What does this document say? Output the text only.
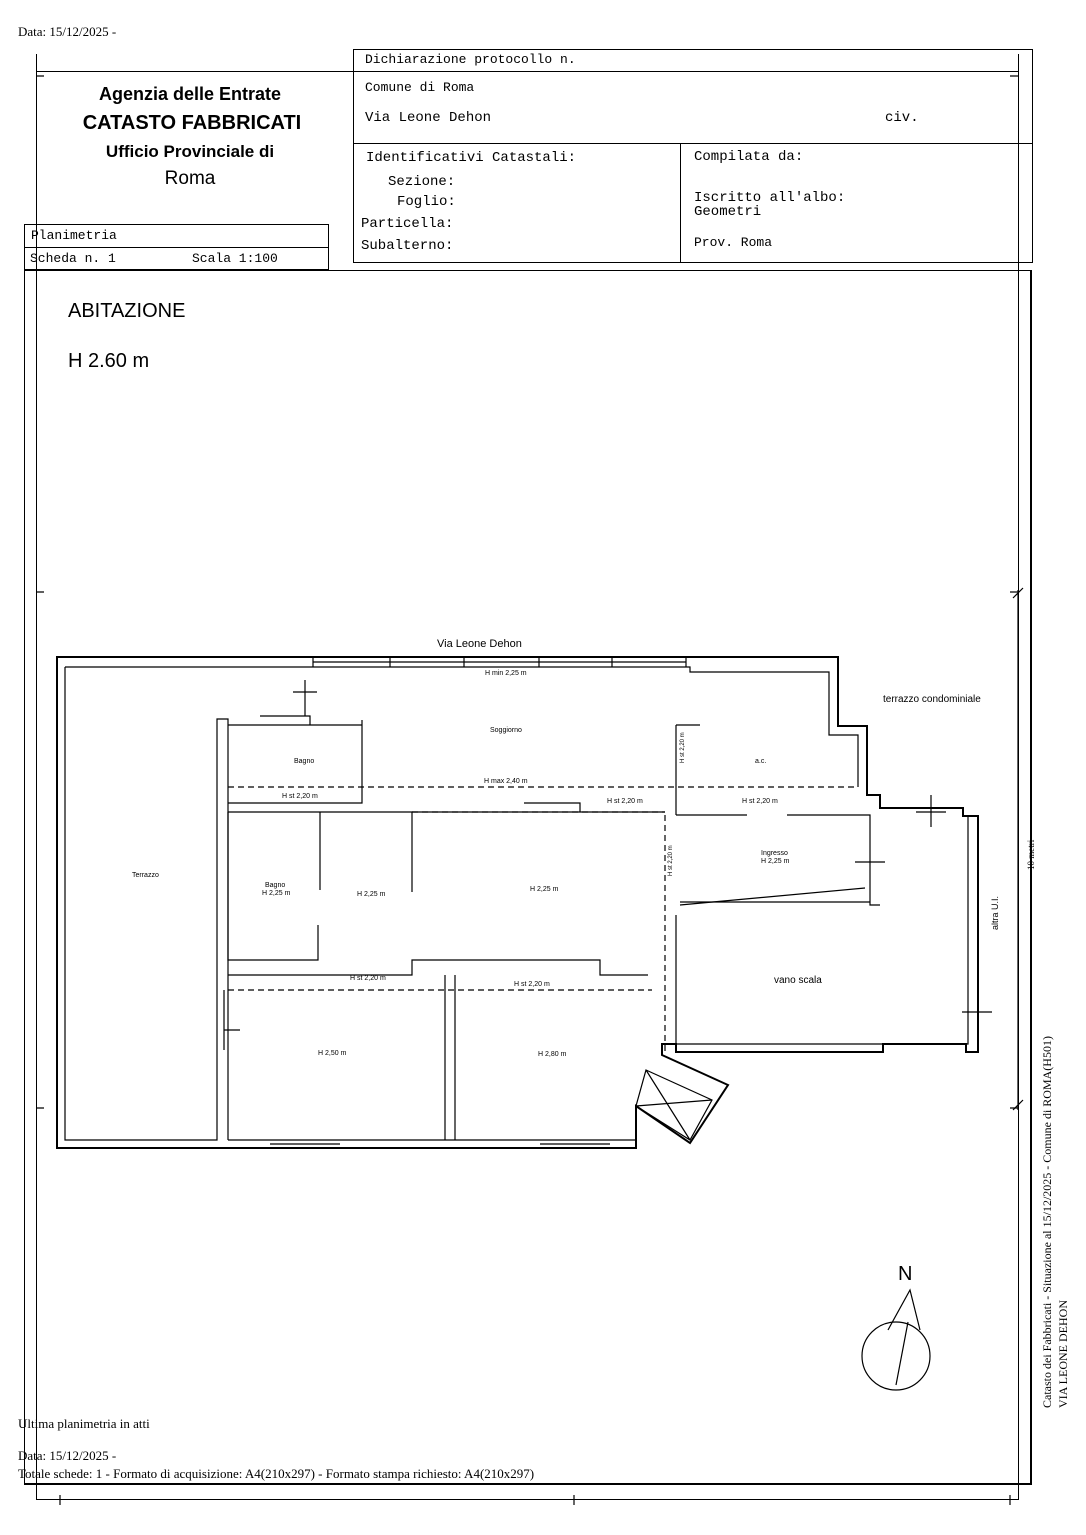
Data: 15/12/2025 -
Agenzia delle Entrate
CATASTO FABBRICATI
Ufficio Provinciale di
Roma
Dichiarazione protocollo n.
Comune di Roma
Via Leone Dehon	civ.
Identificativi Catastali:
Sezione:
Foglio:
Particella:
Subalterno:
Compilata da:
Iscritto all'albo:
Geometri
Prov. Roma
Planimetria
Scheda n. 1	Scala 1:100
ABITAZIONE
H 2.60 m
Via Leone Dehon
terrazzo condominiale
H min 2,25 m
Soggiorno
Bagno	a.c.
H max 2,40 m
H st 2,20 m
H st 2,20 m	H st 2,20 m
Ingresso
H 2,25 m
Terrazzo
Bagno
H 2,25 m	H 2,25 m
H 2,25 m
H st 2,20 m
H st 2,20 m	vano scala
H 2,50 m	H 2,80 m
N
H st 2,20 m
H st 2,20 m
altra U.I.
10 metri
Catasto dei Fabbricati - Situazione al 15/12/2025 - Comune di ROMA(H501) VIA LEONE DEHON
Ultima planimetria in atti
Data: 15/12/2025 -
Totale schede: 1 - Formato di acquisizione: A4(210x297) - Formato stampa richiesto: A4(210x297)
